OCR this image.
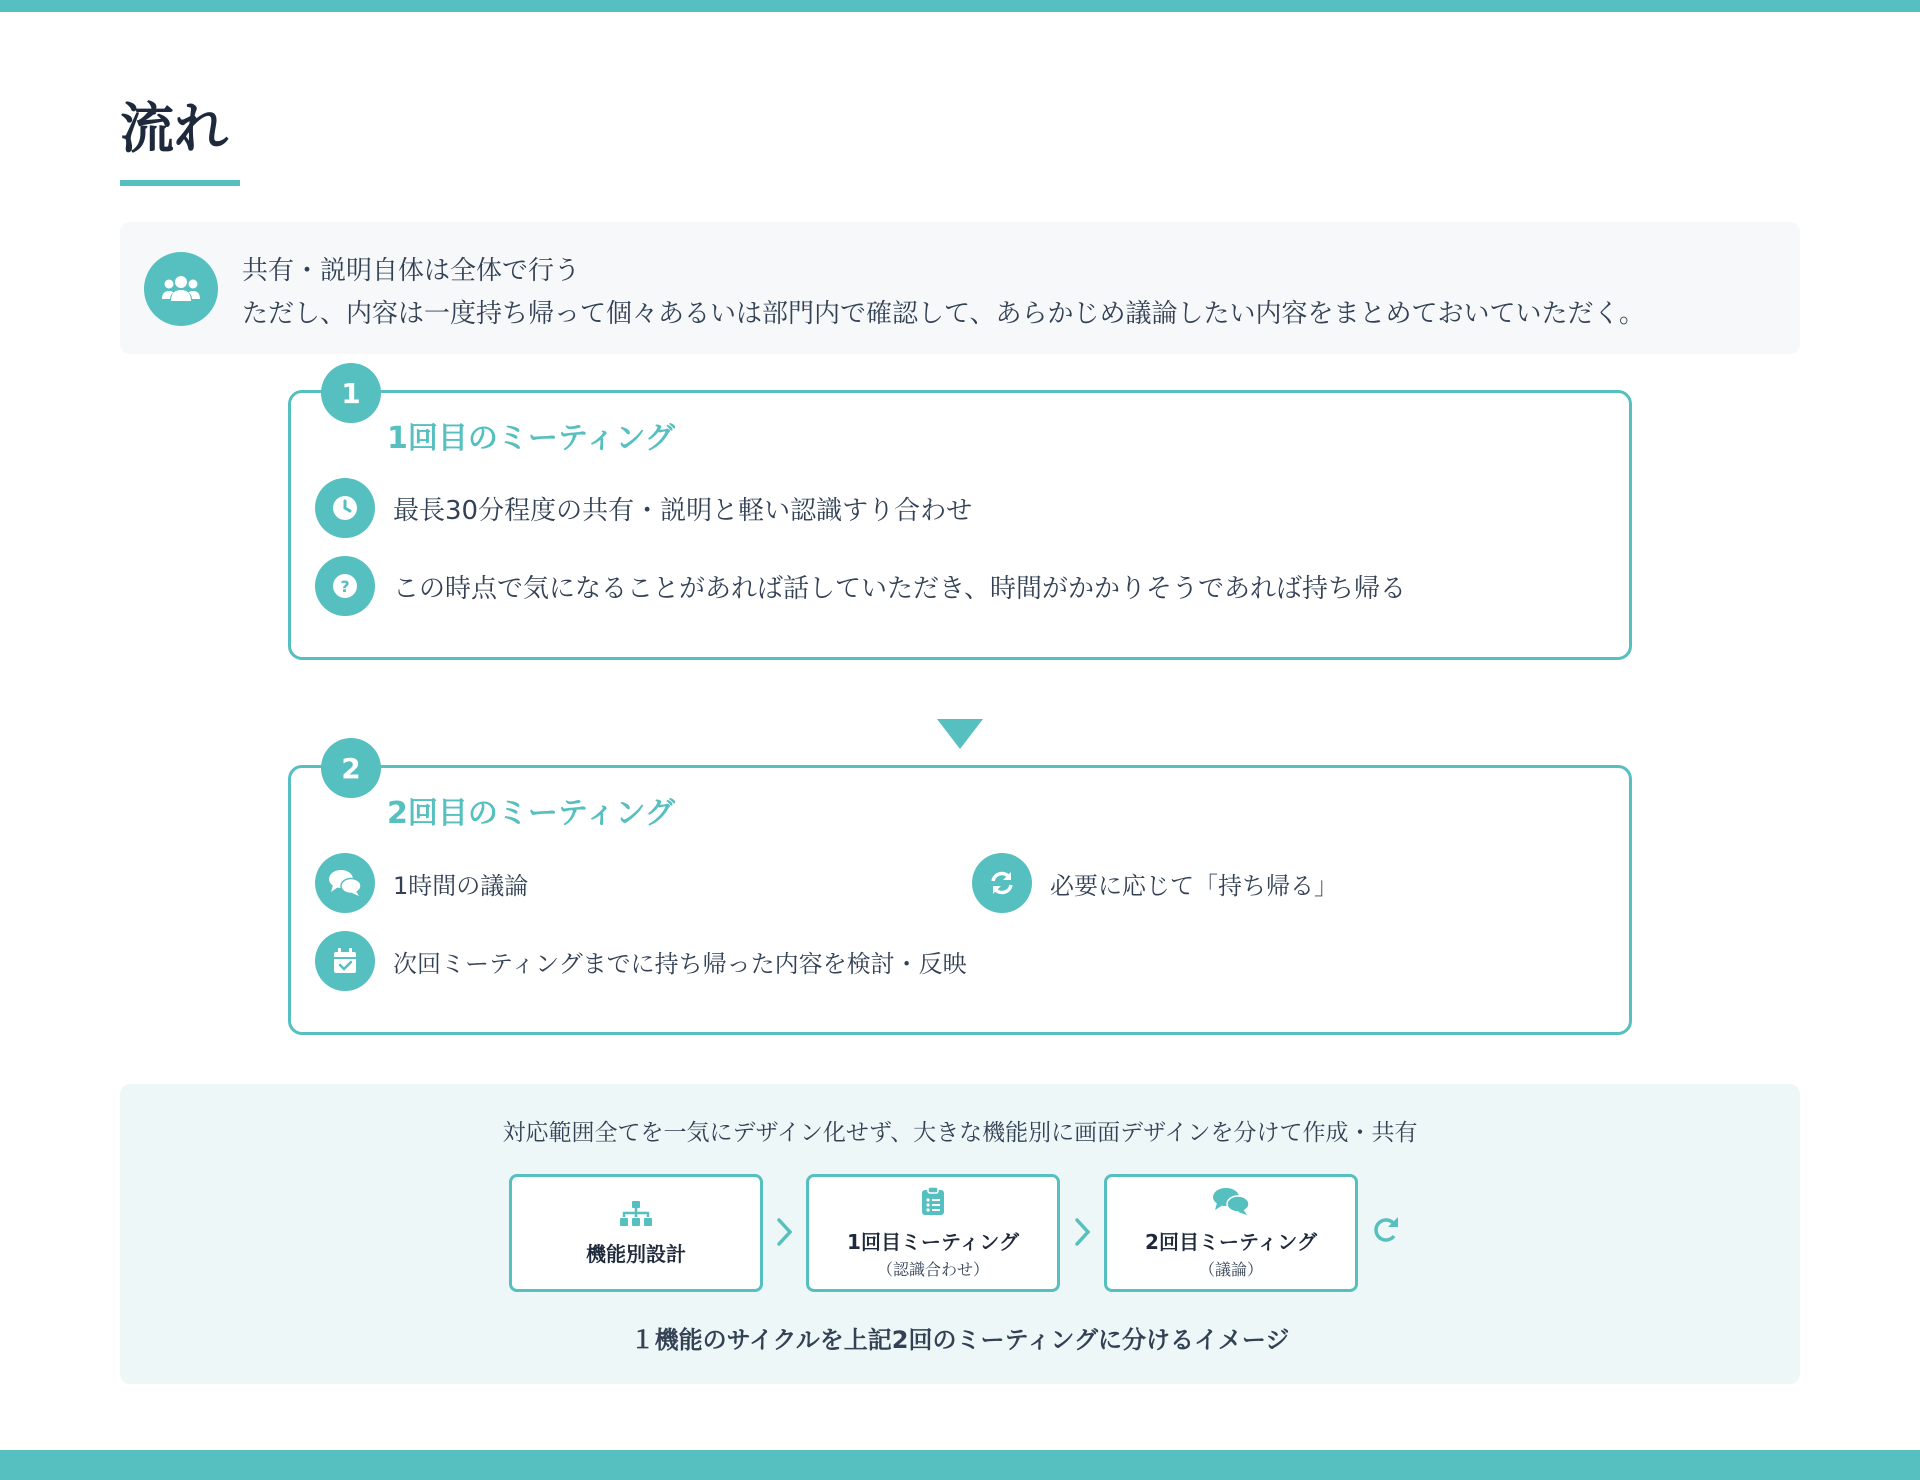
流れ
共有・説明自体は全体で行う
ただし、内容は一度持ち帰って個々あるいは部門内で確認して、あらかじめ議論したい内容をまとめておいていただく。
1
1回目のミーティング
最長30分程度の共有・説明と軽い認識すり合わせ
? この時点で気になることがあれば話していただき、時間がかかりそうであれば持ち帰る
2
2回目のミーティング
1時間の議論	必要に応じて「持ち帰る」
次回ミーティングまでに持ち帰った内容を検討・反映
対応範囲全てを一気にデザイン化せず、大きな機能別に画面デザインを分けて作成・共有
機能別設計	1回目ミーティング
（認識合わせ）
2回目ミーティング
（議論）
１機能のサイクルを上記2回のミーティングに分けるイメージ
